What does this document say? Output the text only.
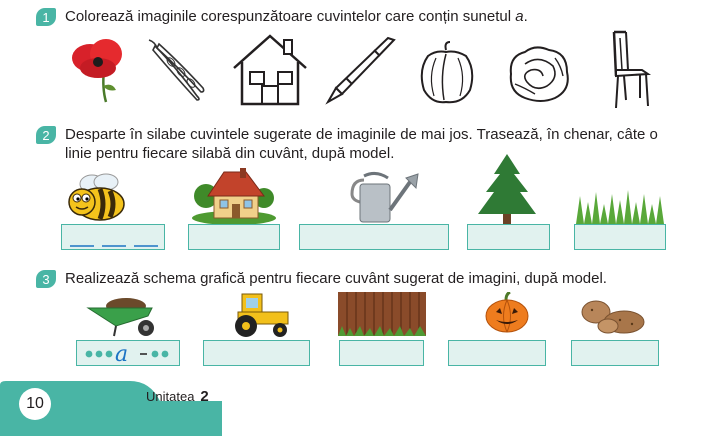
1	Colorează imaginile corespunzătoare cuvintelor care conțin sunetul a.
2	Desparte în silabe cuvintele sugerate de imaginile de mai jos. Trasează, în chenar, câte o linie pentru fiecare silabă din cuvânt, după model.
3	Realizează schema grafică pentru fiecare cuvânt sugerat de imagini, după model.
a
10	Unitatea 2
